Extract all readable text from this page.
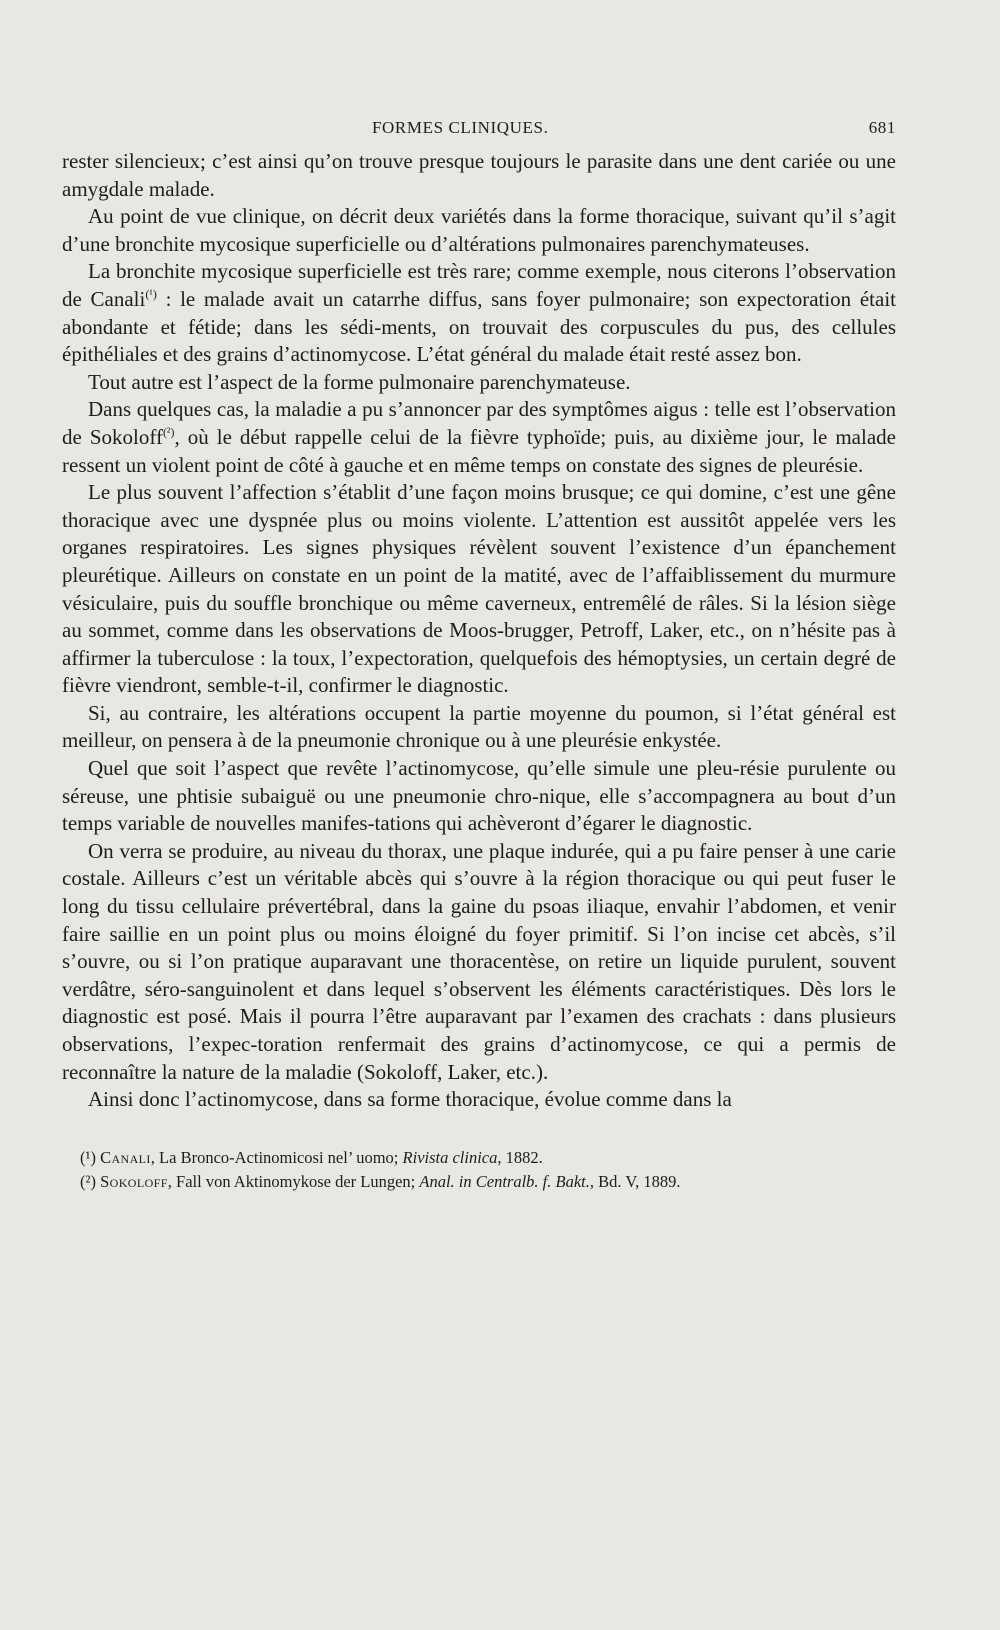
FORMES CLINIQUES.	681

rester silencieux; c’est ainsi qu’on trouve presque toujours le parasite dans une dent cariée ou une amygdale malade.

Au point de vue clinique, on décrit deux variétés dans la forme thoracique, suivant qu’il s’agit d’une bronchite mycosique superficielle ou d’altérations pulmonaires parenchymateuses.

La bronchite mycosique superficielle est très rare; comme exemple, nous citerons l’observation de Canali$^{(^1)}$ : le malade avait un catarrhe diffus, sans foyer pulmonaire; son expectoration était abondante et fétide; dans les sédi-ments, on trouvait des corpuscules du pus, des cellules épithéliales et des grains d’actinomycose. L’état général du malade était resté assez bon.

Tout autre est l’aspect de la forme pulmonaire parenchymateuse.

Dans quelques cas, la maladie a pu s’annoncer par des symptômes aigus : telle est l’observation de Sokoloff$^{(^2)}$, où le début rappelle celui de la fièvre typhoïde; puis, au dixième jour, le malade ressent un violent point de côté à gauche et en même temps on constate des signes de pleurésie.

Le plus souvent l’affection s’établit d’une façon moins brusque; ce qui domine, c’est une gêne thoracique avec une dyspnée plus ou moins violente. L’attention est aussitôt appelée vers les organes respiratoires. Les signes physiques révèlent souvent l’existence d’un épanchement pleurétique. Ailleurs on constate en un point de la matité, avec de l’affaiblissement du murmure vésiculaire, puis du souffle bronchique ou même caverneux, entremêlé de râles. Si la lésion siège au sommet, comme dans les observations de Moos-brugger, Petroff, Laker, etc., on n’hésite pas à affirmer la tuberculose : la toux, l’expectoration, quelquefois des hémoptysies, un certain degré de fièvre viendront, semble-t-il, confirmer le diagnostic.

Si, au contraire, les altérations occupent la partie moyenne du poumon, si l’état général est meilleur, on pensera à de la pneumonie chronique ou à une pleurésie enkystée.

Quel que soit l’aspect que revête l’actinomycose, qu’elle simule une pleu-résie purulente ou séreuse, une phtisie subaiguë ou une pneumonie chro-nique, elle s’accompagnera au bout d’un temps variable de nouvelles manifes-tations qui achèveront d’égarer le diagnostic.

On verra se produire, au niveau du thorax, une plaque indurée, qui a pu faire penser à une carie costale. Ailleurs c’est un véritable abcès qui s’ouvre à la région thoracique ou qui peut fuser le long du tissu cellulaire prévertébral, dans la gaine du psoas iliaque, envahir l’abdomen, et venir faire saillie en un point plus ou moins éloigné du foyer primitif. Si l’on incise cet abcès, s’il s’ouvre, ou si l’on pratique auparavant une thoracentèse, on retire un liquide purulent, souvent verdâtre, séro-sanguinolent et dans lequel s’observent les éléments caractéristiques. Dès lors le diagnostic est posé. Mais il pourra l’être auparavant par l’examen des crachats : dans plusieurs observations, l’expec-toration renfermait des grains d’actinomycose, ce qui a permis de reconnaître la nature de la maladie (Sokoloff, Laker, etc.).

Ainsi donc l’actinomycose, dans sa forme thoracique, évolue comme dans la

(¹) Canali, La Bronco-Actinomicosi nel’ uomo; Rivista clinica, 1882.

(²) Sokoloff, Fall von Aktinomykose der Lungen; Anal. in Centralb. f. Bakt., Bd. V, 1889.
